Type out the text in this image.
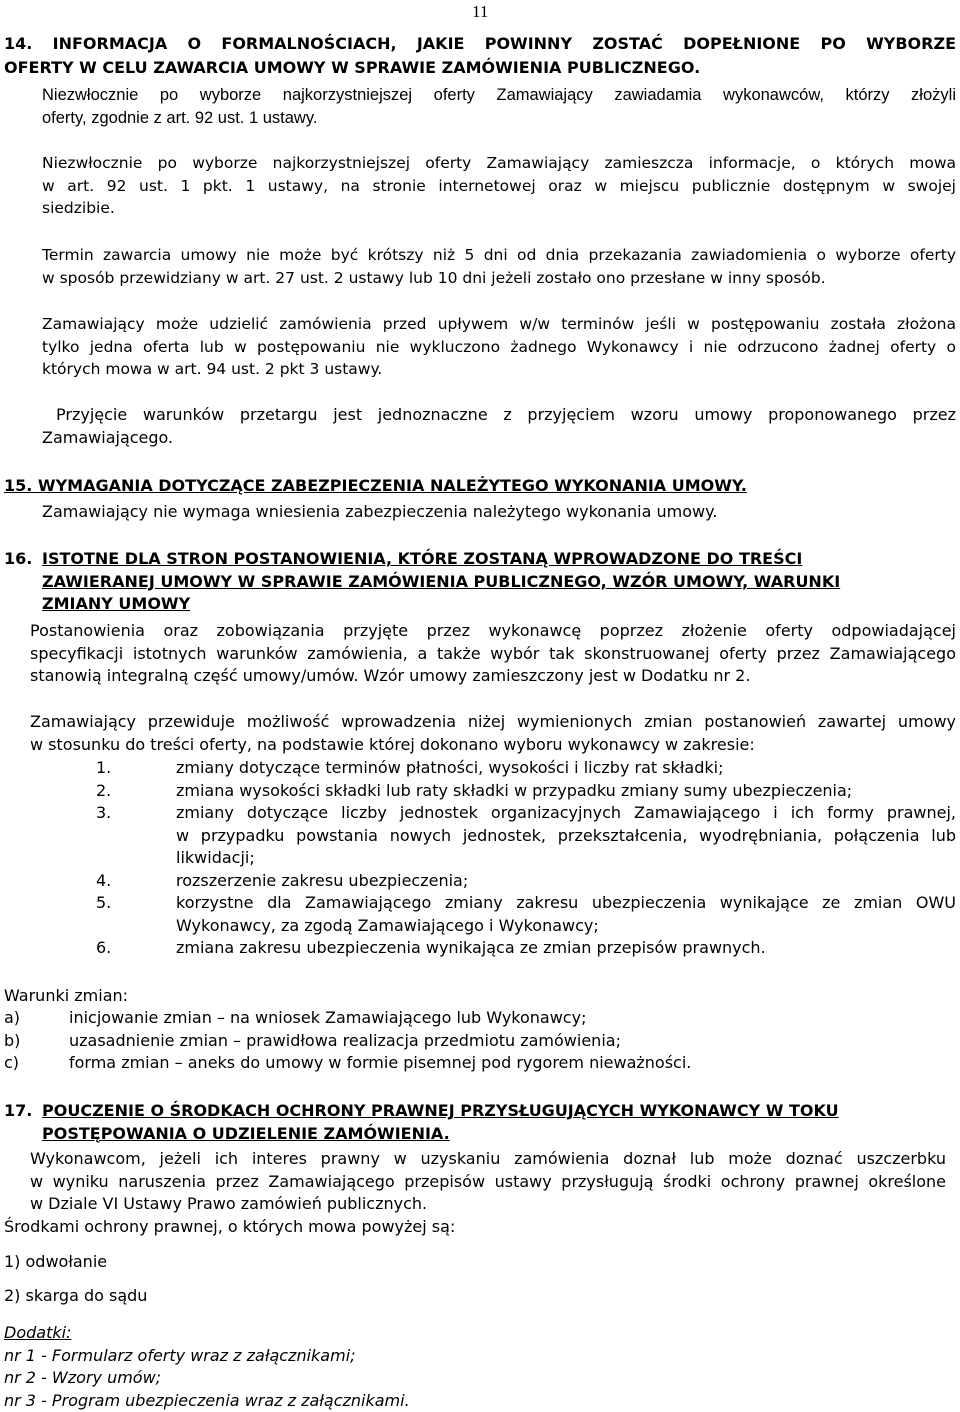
11
14. INFORMACJA O FORMALNOŚCIACH, JAKIE POWINNY ZOSTAĆ DOPEŁNIONE PO WYBORZE
OFERTY W CELU ZAWARCIA UMOWY W SPRAWIE ZAMÓWIENIA PUBLICZNEGO.
Niezwłocznie po wyborze najkorzystniejszej oferty Zamawiający zawiadamia wykonawców, którzy złożyli
oferty, zgodnie z art. 92 ust. 1 ustawy.
Niezwłocznie po wyborze najkorzystniejszej oferty Zamawiający zamieszcza informacje, o których mowa
w art. 92 ust. 1 pkt. 1 ustawy, na stronie internetowej oraz w miejscu publicznie dostępnym w swojej
siedzibie.
Termin zawarcia umowy nie może być krótszy niż 5 dni od dnia przekazania zawiadomienia o wyborze oferty
w sposób przewidziany w art. 27 ust. 2 ustawy lub 10 dni jeżeli zostało ono przesłane w inny sposób.
Zamawiający może udzielić zamówienia przed upływem w/w terminów jeśli w postępowaniu została złożona
tylko jedna oferta lub w postępowaniu nie wykluczono żadnego Wykonawcy i nie odrzucono żadnej oferty o
których mowa w art. 94 ust. 2 pkt 3 ustawy.
Przyjęcie warunków przetargu jest jednoznaczne z przyjęciem wzoru umowy proponowanego przez
Zamawiającego.
15. WYMAGANIA DOTYCZĄCE ZABEZPIECZENIA NALEŻYTEGO WYKONANIA UMOWY.
Zamawiający nie wymaga wniesienia zabezpieczenia należytego wykonania umowy.
16. ISTOTNE DLA STRON POSTANOWIENIA, KTÓRE ZOSTANĄ WPROWADZONE DO TREŚCI
ZAWIERANEJ UMOWY W SPRAWIE ZAMÓWIENIA PUBLICZNEGO, WZÓR UMOWY, WARUNKI
ZMIANY UMOWY
Postanowienia oraz zobowiązania przyjęte przez wykonawcę poprzez złożenie oferty odpowiadającej
specyfikacji istotnych warunków zamówienia, a także wybór tak skonstruowanej oferty przez Zamawiającego
stanowią integralną część umowy/umów. Wzór umowy zamieszczony jest w Dodatku nr 2.
Zamawiający przewiduje możliwość wprowadzenia niżej wymienionych zmian postanowień zawartej umowy
w stosunku do treści oferty, na podstawie której dokonano wyboru wykonawcy w zakresie:
1.	zmiany dotyczące terminów płatności, wysokości i liczby rat składki;
2.	zmiana wysokości składki lub raty składki w przypadku zmiany sumy ubezpieczenia;
3.	zmiany dotyczące liczby jednostek organizacyjnych Zamawiającego i ich formy prawnej,
w przypadku powstania nowych jednostek, przekształcenia, wyodrębniania, połączenia lub
likwidacji;
4.	rozszerzenie zakresu ubezpieczenia;
5.	korzystne dla Zamawiającego zmiany zakresu ubezpieczenia wynikające ze zmian OWU
Wykonawcy, za zgodą Zamawiającego i Wykonawcy;
6.	zmiana zakresu ubezpieczenia wynikająca ze zmian przepisów prawnych.
Warunki zmian:
a)	inicjowanie zmian – na wniosek Zamawiającego lub Wykonawcy;
b)	uzasadnienie zmian – prawidłowa realizacja przedmiotu zamówienia;
c)	forma zmian – aneks do umowy w formie pisemnej pod rygorem nieważności.
17. POUCZENIE O ŚRODKACH OCHRONY PRAWNEJ PRZYSŁUGUJĄCYCH WYKONAWCY W TOKU
POSTĘPOWANIA O UDZIELENIE ZAMÓWIENIA.
Wykonawcom, jeżeli ich interes prawny w uzyskaniu zamówienia doznał lub może doznać uszczerbku
w wyniku naruszenia przez Zamawiającego przepisów ustawy przysługują środki ochrony prawnej określone
w Dziale VI Ustawy Prawo zamówień publicznych.
Środkami ochrony prawnej, o których mowa powyżej są:
1) odwołanie
2) skarga do sądu
Dodatki:
nr 1 - Formularz oferty wraz z załącznikami;
nr 2 - Wzory umów;
nr 3 - Program ubezpieczenia wraz z załącznikami.
